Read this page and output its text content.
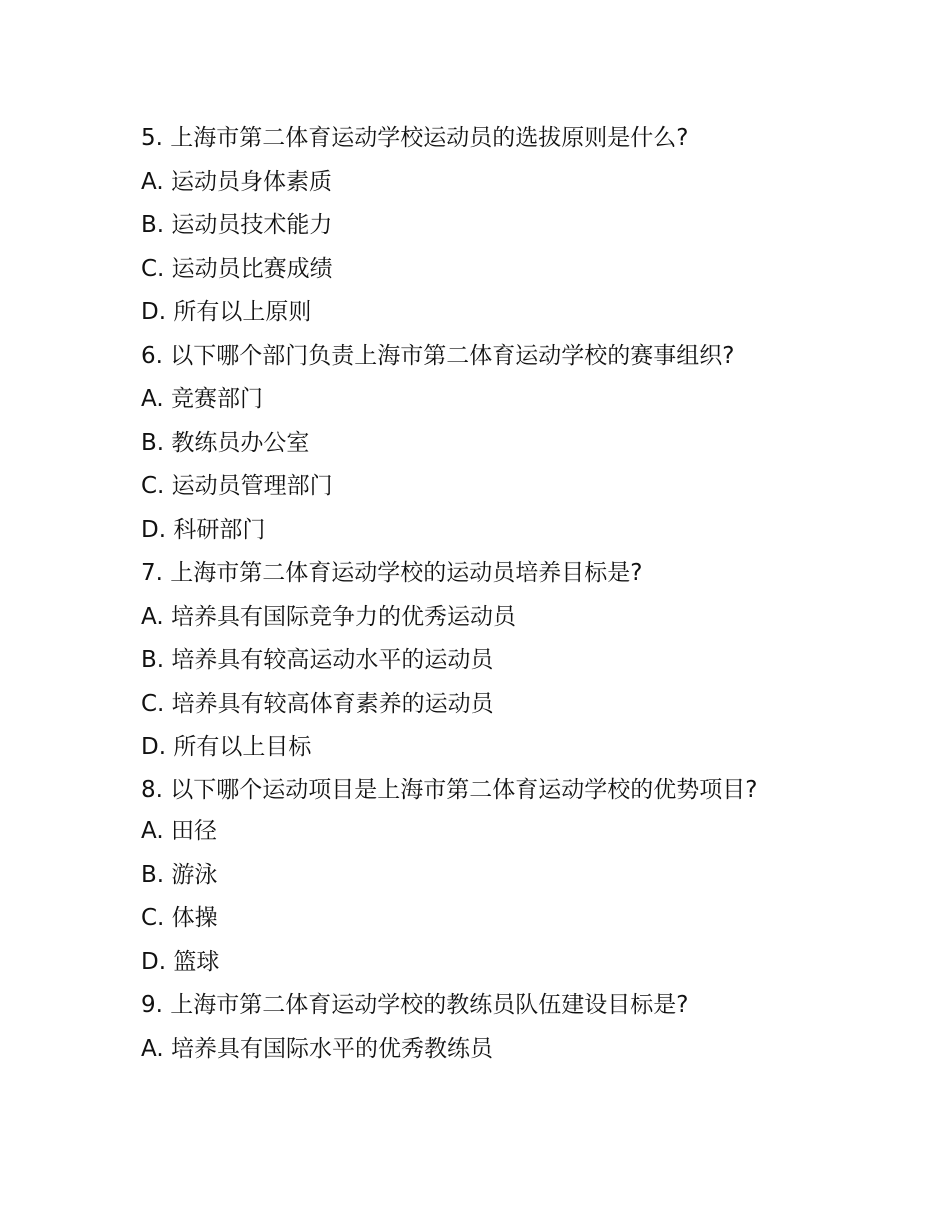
5. 上海市第二体育运动学校运动员的选拔原则是什么?
A. 运动员身体素质
B. 运动员技术能力
C. 运动员比赛成绩
D. 所有以上原则
6. 以下哪个部门负责上海市第二体育运动学校的赛事组织?
A. 竞赛部门
B. 教练员办公室
C. 运动员管理部门
D. 科研部门
7. 上海市第二体育运动学校的运动员培养目标是?
A. 培养具有国际竞争力的优秀运动员
B. 培养具有较高运动水平的运动员
C. 培养具有较高体育素养的运动员
D. 所有以上目标
8. 以下哪个运动项目是上海市第二体育运动学校的优势项目?
A. 田径
B. 游泳
C. 体操
D. 篮球
9. 上海市第二体育运动学校的教练员队伍建设目标是?
A. 培养具有国际水平的优秀教练员
